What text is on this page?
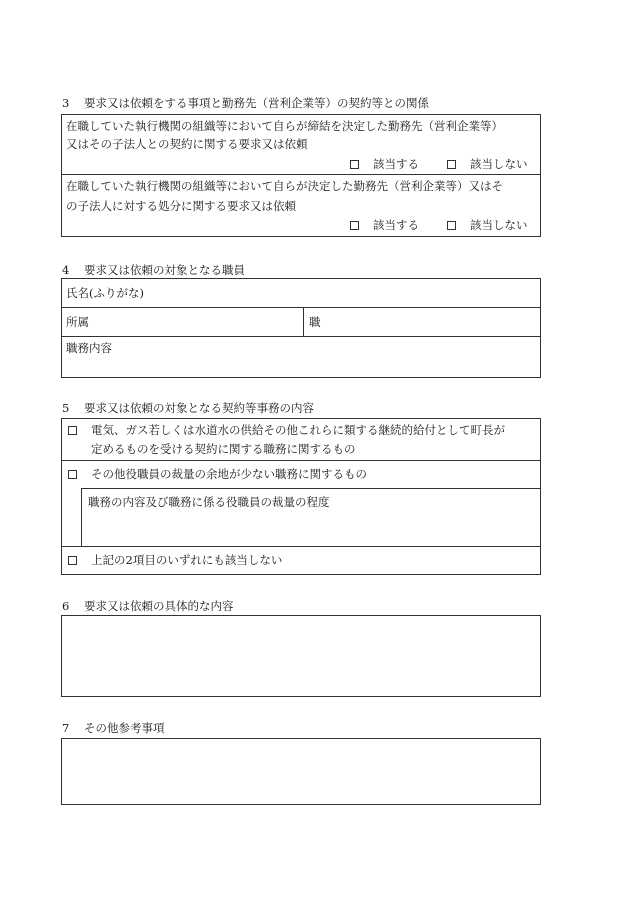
3 要求又は依頼をする事項と勤務先（営利企業等）の契約等との関係
在職していた執行機関の組織等において自らが締結を決定した勤務先（営利企業等）
又はその子法人との契約に関する要求又は依頼
該当する	該当しない
在職していた執行機関の組織等において自らが決定した勤務先（営利企業等）又はそ
の子法人に対する処分に関する要求又は依頼
該当する	該当しない
4 要求又は依頼の対象となる職員
氏名(ふりがな)
所属	職
職務内容
5 要求又は依頼の対象となる契約等事務の内容
電気、ガス若しくは水道水の供給その他これらに類する継続的給付として町長が
定めるものを受ける契約に関する職務に関するもの
その他役職員の裁量の余地が少ない職務に関するもの
職務の内容及び職務に係る役職員の裁量の程度
上記の2項目のいずれにも該当しない
6 要求又は依頼の具体的な内容
7 その他参考事項
